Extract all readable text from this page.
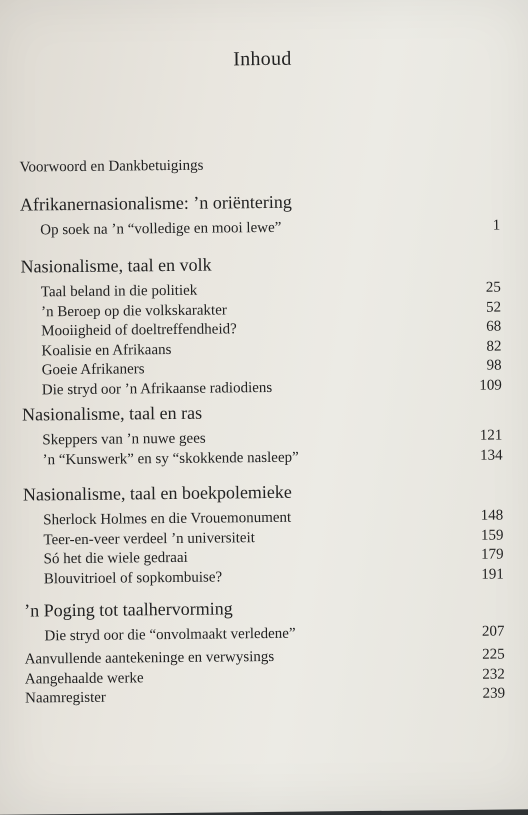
Inhoud
Voorwoord en Dankbetuigings
Afrikanernasionalisme: ’n oriëntering
Op soek na ’n “volledige en mooi lewe”	1
Nasionalisme, taal en volk
Taal beland in die politiek	25
’n Beroep op die volkskarakter	52
Mooiigheid of doeltreffendheid?	68
Koalisie en Afrikaans	82
Goeie Afrikaners	98
Die stryd oor ’n Afrikaanse radiodiens	109
Nasionalisme, taal en ras
Skeppers van ’n nuwe gees	121
’n “Kunswerk” en sy “skokkende nasleep”	134
Nasionalisme, taal en boekpolemieke
Sherlock Holmes en die Vrouemonument	148
Teer-en-veer verdeel ’n universiteit	159
Só het die wiele gedraai	179
Blouvitrioel of sopkombuise?	191
’n Poging tot taalhervorming
Die stryd oor die “onvolmaakt verledene”	207
Aanvullende aantekeninge en verwysings	225
Aangehaalde werke	232
Naamregister	239
